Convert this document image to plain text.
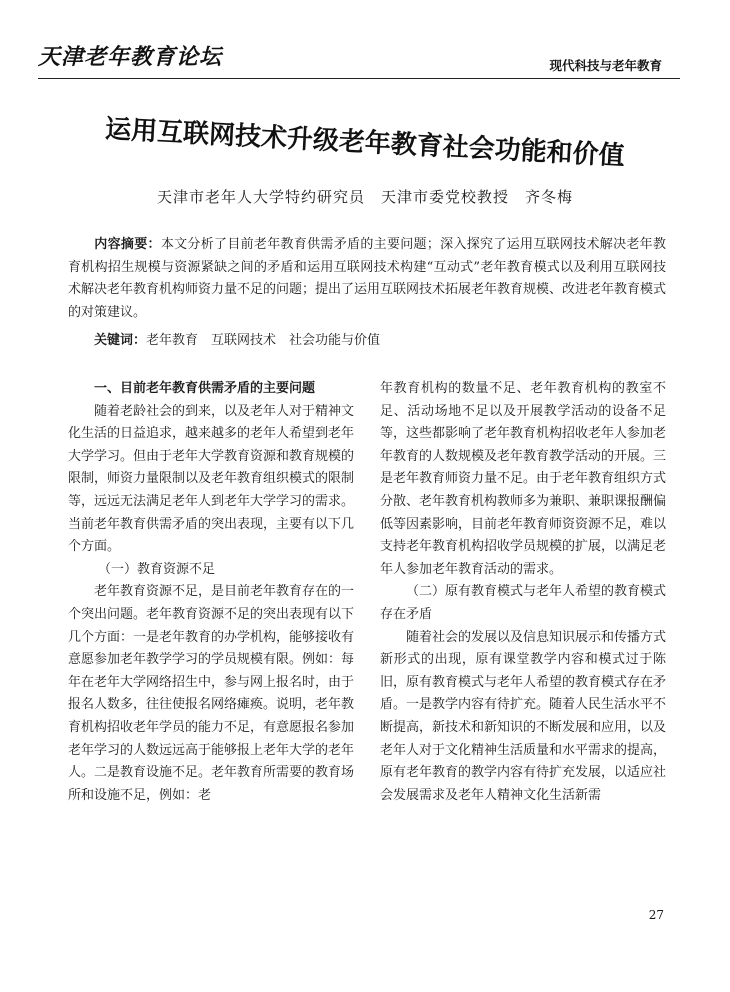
天津老年教育论坛	现代科技与老年教育
运用互联网技术升级老年教育社会功能和价值
天津市老年人大学特约研究员　天津市委党校教授　齐冬梅
内容摘要：本文分析了目前老年教育供需矛盾的主要问题；深入探究了运用互联网技术解决老年教育机构招生规模与资源紧缺之间的矛盾和运用互联网技术构建“互动式”老年教育模式以及利用互联网技术解决老年教育机构师资力量不足的问题；提出了运用互联网技术拓展老年教育规模、改进老年教育模式的对策建议。
关键词：老年教育　互联网技术　社会功能与价值

一、目前老年教育供需矛盾的主要问题

随着老龄社会的到来，以及老年人对于精神文化生活的日益追求，越来越多的老年人希望到老年大学学习。但由于老年大学教育资源和教育规模的限制，师资力量限制以及老年教育组织模式的限制等，远远无法满足老年人到老年大学学习的需求。当前老年教育供需矛盾的突出表现，主要有以下几个方面。

（一）教育资源不足

老年教育资源不足，是目前老年教育存在的一个突出问题。老年教育资源不足的突出表现有以下几个方面：一是老年教育的办学机构，能够接收有意愿参加老年教学学习的学员规模有限。例如：每年在老年大学网络招生中，参与网上报名时，由于报名人数多，往往使报名网络瘫痪。说明，老年教育机构招收老年学员的能力不足，有意愿报名参加老年学习的人数远远高于能够报上老年大学的老年人。二是教育设施不足。老年教育所需要的教育场所和设施不足，例如：老

年教育机构的数量不足、老年教育机构的教室不足、活动场地不足以及开展教学活动的设备不足等，这些都影响了老年教育机构招收老年人参加老年教育的人数规模及老年教育教学活动的开展。三是老年教育师资力量不足。由于老年教育组织方式分散、老年教育机构教师多为兼职、兼职课报酬偏低等因素影响，目前老年教育师资资源不足，难以支持老年教育机构招收学员规模的扩展，以满足老年人参加老年教育活动的需求。

（二）原有教育模式与老年人希望的教育模式存在矛盾

随着社会的发展以及信息知识展示和传播方式新形式的出现，原有课堂教学内容和模式过于陈旧，原有教育模式与老年人希望的教育模式存在矛盾。一是教学内容有待扩充。随着人民生活水平不断提高，新技术和新知识的不断发展和应用，以及老年人对于文化精神生活质量和水平需求的提高，原有老年教育的教学内容有待扩充发展，以适应社会发展需求及老年人精神文化生活新需

27
